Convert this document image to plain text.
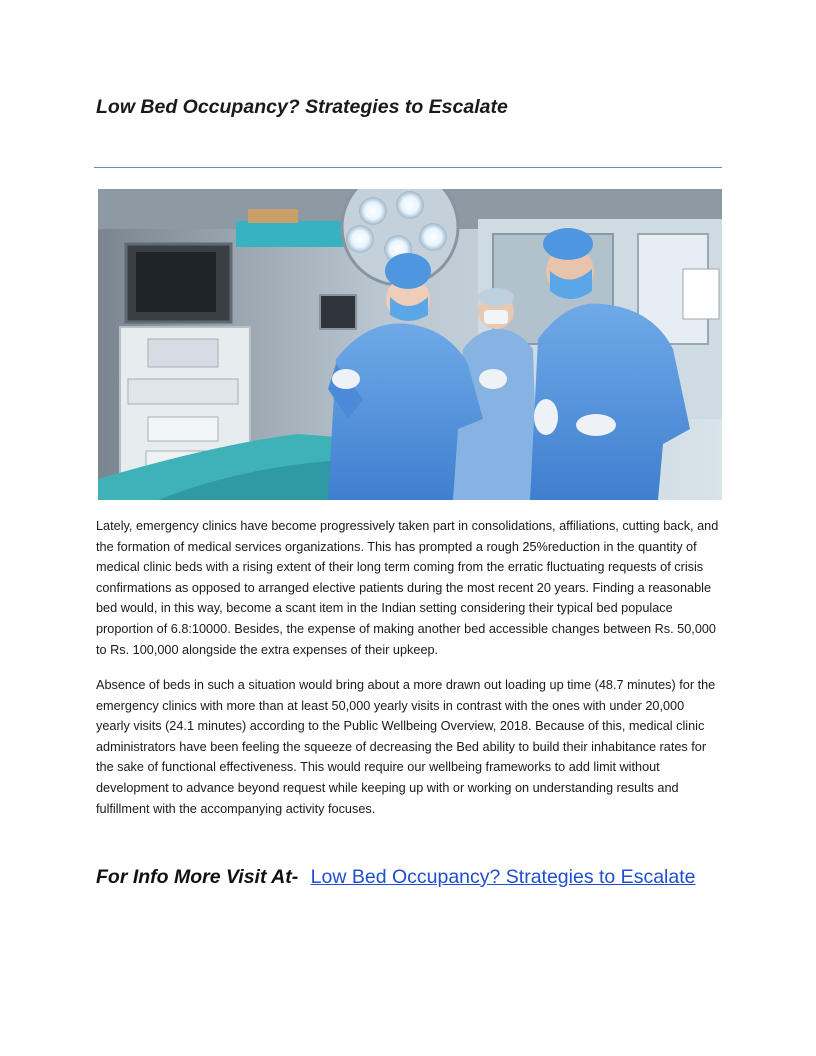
Low Bed Occupancy? Strategies to Escalate

Lately, emergency clinics have become progressively taken part in consolidations, affiliations, cutting back, and the formation of medical services organizations. This has prompted a rough 25%reduction in the quantity of medical clinic beds with a rising extent of their long term coming from the erratic fluctuating requests of crisis confirmations as opposed to arranged elective patients during the most recent 20 years. Finding a reasonable bed would, in this way, become a scant item in the Indian setting considering their typical bed populace proportion of 6.8:10000. Besides, the expense of making another bed accessible changes between Rs. 50,000 to Rs. 100,000 alongside the extra expenses of their upkeep.

Absence of beds in such a situation would bring about a more drawn out loading up time (48.7 minutes) for the emergency clinics with more than at least 50,000 yearly visits in contrast with the ones with under 20,000 yearly visits (24.1 minutes) according to the Public Wellbeing Overview, 2018. Because of this, medical clinic administrators have been feeling the squeeze of decreasing the Bed ability to build their inhabitance rates for the sake of functional effectiveness. This would require our wellbeing frameworks to add limit without development to advance beyond request while keeping up with or working on understanding results and fulfillment with the accompanying activity focuses.

For Info More Visit At- Low Bed Occupancy? Strategies to Escalate
